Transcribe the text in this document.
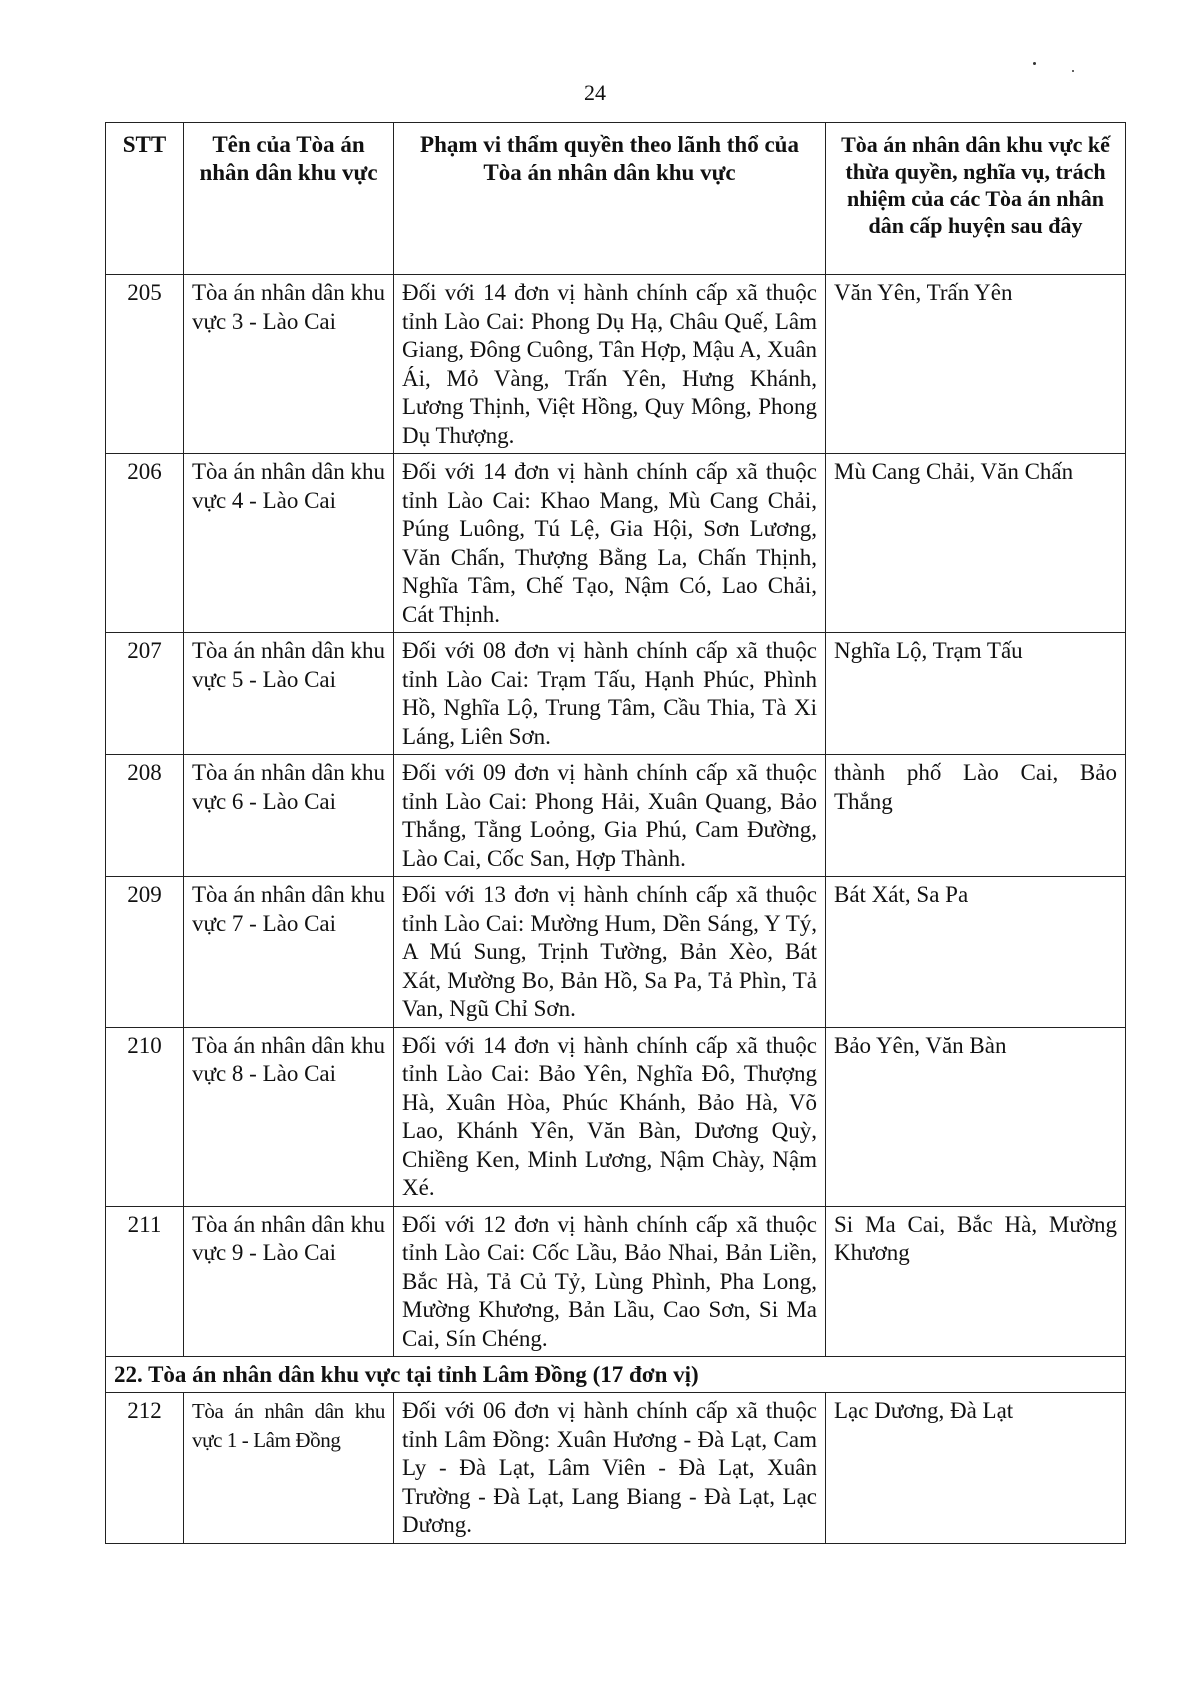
24
STT	Tên của Tòa án nhân dân khu vực	Phạm vi thẩm quyền theo lãnh thổ của Tòa án nhân dân khu vực	Tòa án nhân dân khu vực kế thừa quyền, nghĩa vụ, trách nhiệm của các Tòa án nhân dân cấp huyện sau đây
205	Tòa án nhân dân khu vực 3 - Lào Cai	Đối với 14 đơn vị hành chính cấp xã thuộc tỉnh Lào Cai: Phong Dụ Hạ, Châu Quế, Lâm Giang, Đông Cuông, Tân Hợp, Mậu A, Xuân Ái, Mỏ Vàng, Trấn Yên, Hưng Khánh, Lương Thịnh, Việt Hồng, Quy Mông, Phong Dụ Thượng.	Văn Yên, Trấn Yên
206	Tòa án nhân dân khu vực 4 - Lào Cai	Đối với 14 đơn vị hành chính cấp xã thuộc tỉnh Lào Cai: Khao Mang, Mù Cang Chải, Púng Luông, Tú Lệ, Gia Hội, Sơn Lương, Văn Chấn, Thượng Bằng La, Chấn Thịnh, Nghĩa Tâm, Chế Tạo, Nậm Có, Lao Chải, Cát Thịnh.	Mù Cang Chải, Văn Chấn
207	Tòa án nhân dân khu vực 5 - Lào Cai	Đối với 08 đơn vị hành chính cấp xã thuộc tỉnh Lào Cai: Trạm Tấu, Hạnh Phúc, Phình Hồ, Nghĩa Lộ, Trung Tâm, Cầu Thia, Tà Xi Láng, Liên Sơn.	Nghĩa Lộ, Trạm Tấu
208	Tòa án nhân dân khu vực 6 - Lào Cai	Đối với 09 đơn vị hành chính cấp xã thuộc tỉnh Lào Cai: Phong Hải, Xuân Quang, Bảo Thắng, Tằng Loỏng, Gia Phú, Cam Đường, Lào Cai, Cốc San, Hợp Thành.	thành phố Lào Cai, Bảo Thắng
209	Tòa án nhân dân khu vực 7 - Lào Cai	Đối với 13 đơn vị hành chính cấp xã thuộc tỉnh Lào Cai: Mường Hum, Dền Sáng, Y Tý, A Mú Sung, Trịnh Tường, Bản Xèo, Bát Xát, Mường Bo, Bản Hồ, Sa Pa, Tả Phìn, Tả Van, Ngũ Chỉ Sơn.	Bát Xát, Sa Pa
210	Tòa án nhân dân khu vực 8 - Lào Cai	Đối với 14 đơn vị hành chính cấp xã thuộc tỉnh Lào Cai: Bảo Yên, Nghĩa Đô, Thượng Hà, Xuân Hòa, Phúc Khánh, Bảo Hà, Võ Lao, Khánh Yên, Văn Bàn, Dương Quỳ, Chiềng Ken, Minh Lương, Nậm Chày, Nậm Xé.	Bảo Yên, Văn Bàn
211	Tòa án nhân dân khu vực 9 - Lào Cai	Đối với 12 đơn vị hành chính cấp xã thuộc tỉnh Lào Cai: Cốc Lầu, Bảo Nhai, Bản Liền, Bắc Hà, Tả Củ Tỷ, Lùng Phình, Pha Long, Mường Khương, Bản Lầu, Cao Sơn, Si Ma Cai, Sín Chéng.	Si Ma Cai, Bắc Hà, Mường Khương
22. Tòa án nhân dân khu vực tại tỉnh Lâm Đồng (17 đơn vị)			
212	Tòa án nhân dân khu vực 1 - Lâm Đồng	Đối với 06 đơn vị hành chính cấp xã thuộc tỉnh Lâm Đồng: Xuân Hương - Đà Lạt, Cam Ly - Đà Lạt, Lâm Viên - Đà Lạt, Xuân Trường - Đà Lạt, Lang Biang - Đà Lạt, Lạc Dương.	Lạc Dương, Đà Lạt
